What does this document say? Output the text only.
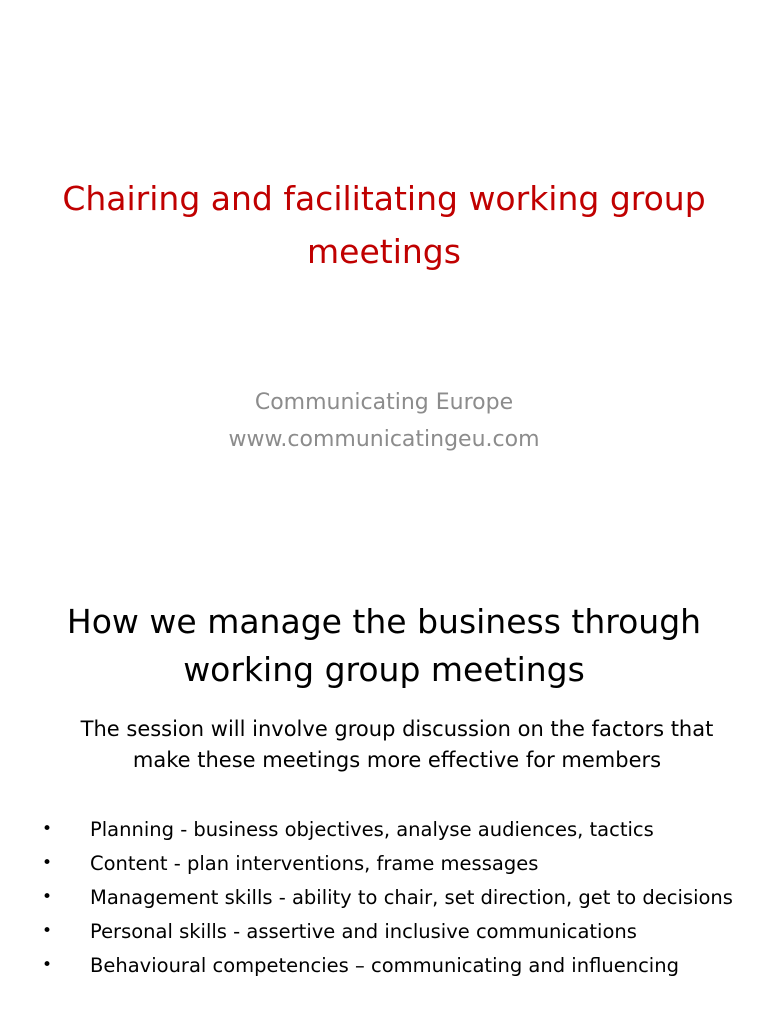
Chairing and facilitating working group meetings
Communicating Europe
www.communicatingeu.com
How we manage the business through working group meetings

The session will involve group discussion on the factors that make these meetings more effective for members

•	Planning - business objectives, analyse audiences, tactics
•	Content - plan interventions, frame messages
•	Management skills - ability to chair, set direction, get to decisions
•	Personal skills - assertive and inclusive communications
•	Behavioural competencies – communicating and influencing
